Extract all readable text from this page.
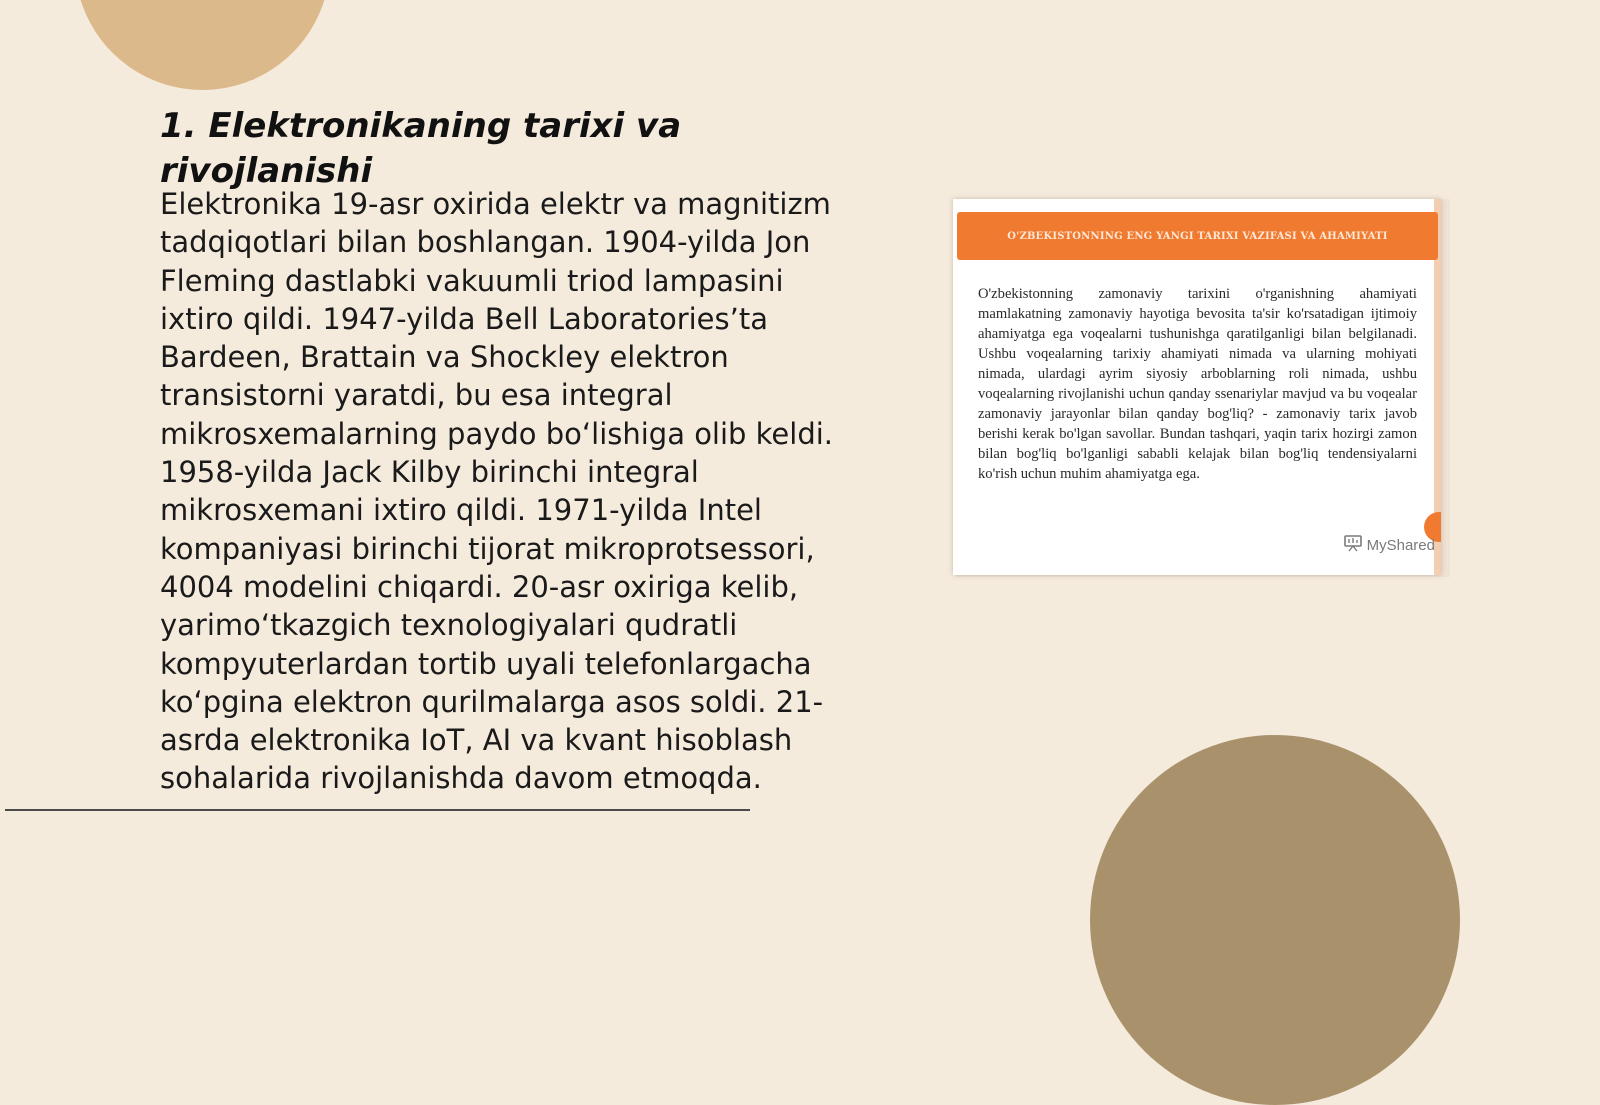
1. Elektronikaning tarixi va rivojlanishi

Elektronika 19-asr oxirida elektr va magnitizm tadqiqotlari bilan boshlangan. 1904-yilda Jon Fleming dastlabki vakuumli triod lampasini ixtiro qildi. 1947-yilda Bell Laboratories’ta Bardeen, Brattain va Shockley elektron transistorni yaratdi, bu esa integral mikrosxemalarning paydo bo‘lishiga olib keldi. 1958-yilda Jack Kilby birinchi integral mikrosxemani ixtiro qildi. 1971-yilda Intel kompaniyasi birinchi tijorat mikroprotsessori, 4004 modelini chiqardi. 20-asr oxiriga kelib, yarimo‘tkazgich texnologiyalari qudratli kompyuterlardan tortib uyali telefonlargacha ko‘pgina elektron qurilmalarga asos soldi. 21-asrda elektronika IoT, AI va kvant hisoblash sohalarida rivojlanishda davom etmoqda.

O'ZBEKISTONNING ENG YANGI TARIXI VAZIFASI VA AHAMIYATI

O'zbekistonning zamonaviy tarixini o'rganishning ahamiyati mamlakatning zamonaviy hayotiga bevosita ta'sir ko'rsatadigan ijtimoiy ahamiyatga ega voqealarni tushunishga qaratilganligi bilan belgilanadi. Ushbu voqealarning tarixiy ahamiyati nimada va ularning mohiyati nimada, ulardagi ayrim siyosiy arboblarning roli nimada, ushbu voqealarning rivojlanishi uchun qanday ssenariylar mavjud va bu voqealar zamonaviy jarayonlar bilan qanday bog'liq? - zamonaviy tarix javob berishi kerak bo'lgan savollar. Bundan tashqari, yaqin tarix hozirgi zamon bilan bog'liq bo'lganligi sababli kelajak bilan bog'liq tendensiyalarni ko'rish uchun muhim ahamiyatga ega.

MyShared
